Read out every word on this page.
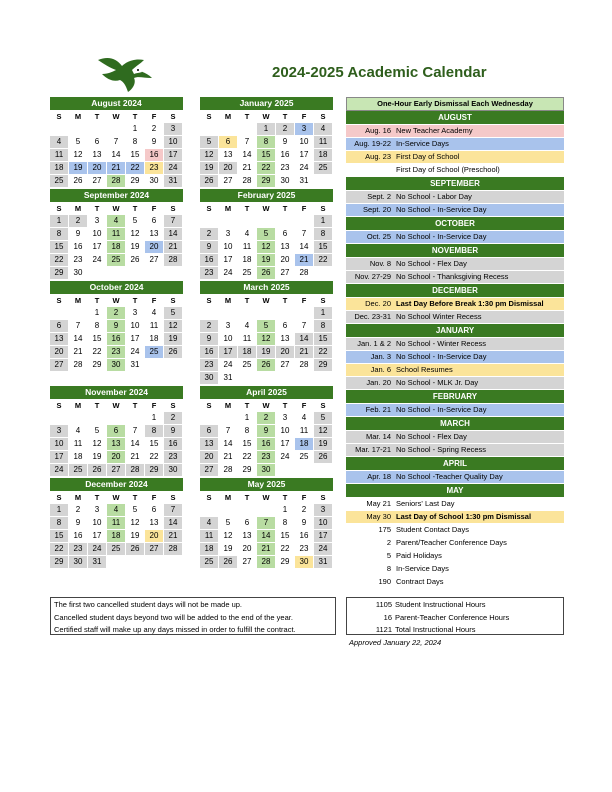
2024-2025 Academic Calendar
August 2024
S	M	T	W	T	F	S
				1	2	3
4	5	6	7	8	9	10
11	12	13	14	15	16	17
18	19	20	21	22	23	24
25	26	27	28	29	30	31
September 2024
S	M	T	W	T	F	S
1	2	3	4	5	6	7
8	9	10	11	12	13	14
15	16	17	18	19	20	21
22	23	24	25	26	27	28
29	30					
October 2024
S	M	T	W	T	F	S
		1	2	3	4	5
6	7	8	9	10	11	12
13	14	15	16	17	18	19
20	21	22	23	24	25	26
27	28	29	30	31		
November 2024
S	M	T	W	T	F	S
					1	2
3	4	5	6	7	8	9
10	11	12	13	14	15	16
17	18	19	20	21	22	23
24	25	26	27	28	29	30
December 2024
S	M	T	W	T	F	S
1	2	3	4	5	6	7
8	9	10	11	12	13	14
15	16	17	18	19	20	21
22	23	24	25	26	27	28
29	30	31				
January 2025
S	M	T	W	T	F	S
			1	2	3	4
5	6	7	8	9	10	11
12	13	14	15	16	17	18
19	20	21	22	23	24	25
26	27	28	29	30	31	
February 2025
S	M	T	W	T	F	S
						1
2	3	4	5	6	7	8
9	10	11	12	13	14	15
16	17	18	19	20	21	22
23	24	25	26	27	28	
March 2025
S	M	T	W	T	F	S
						1
2	3	4	5	6	7	8
9	10	11	12	13	14	15
16	17	18	19	20	21	22
23	24	25	26	27	28	29
30	31					
April 2025
S	M	T	W	T	F	S
		1	2	3	4	5
6	7	8	9	10	11	12
13	14	15	16	17	18	19
20	21	22	23	24	25	26
27	28	29	30			
May 2025
S	M	T	W	T	F	S
				1	2	3
4	5	6	7	8	9	10
11	12	13	14	15	16	17
18	19	20	21	22	23	24
25	26	27	28	29	30	31
One-Hour Early Dismissal Each Wednesday
AUGUST
Aug. 16 New Teacher Academy
Aug. 19-22 In-Service Days
Aug. 23 First Day of School
First Day of School (Preschool)
SEPTEMBER
Sept. 2 No School - Labor Day
Sept. 20 No School - In-Service Day
OCTOBER
Oct. 25 No School - In-Service Day
NOVEMBER
Nov. 8 No School - Flex Day
Nov. 27-29 No School - Thanksgiving Recess
DECEMBER
Dec. 20 Last Day Before Break 1:30 pm Dismissal
Dec. 23-31 No School Winter Recess
JANUARY
Jan. 1 & 2 No School - Winter Recess
Jan. 3 No School - In-Service Day
Jan. 6 School Resumes
Jan. 20 No School - MLK Jr. Day
FEBRUARY
Feb. 21 No School - In-Service Day
MARCH
Mar. 14 No School - Flex Day
Mar. 17-21 No School - Spring Recess
APRIL
Apr. 18 No School -Teacher Quality Day
MAY
May 21 Seniors' Last Day
May 30 Last Day of School 1:30 pm Dismissal
175 Student Contact Days
2 Parent/Teacher Conference Days
5 Paid Holidays
8 In-Service Days
190 Contract Days
The first two cancelled student days will not be made up.
Cancelled student days beyond two will be added to the end of the year.
Certified staff will make up any days missed in order to fulfill the contract.
1105 Student Instructional Hours
16 Parent-Teacher Conference Hours
1121 Total Instructional Hours
Approved January 22, 2024
